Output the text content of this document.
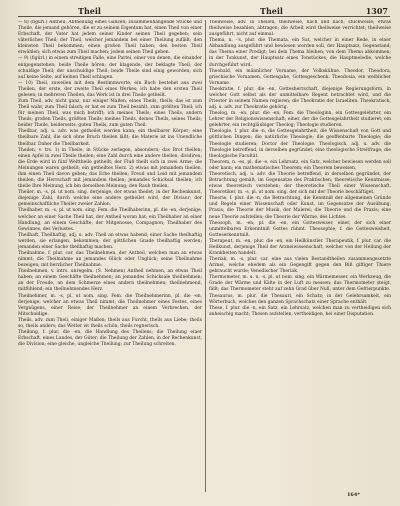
Theil	Theil	1307

— 8) (figürl.) Antheil, Abtheilung eines Ganzen; zusammenhängende Stücke und Theile, die jemand gehören, die er zu seinem Eigentum hat, einen Theil von einer Erbschaft, der Vater hat jedem seiner Kinder seinen Theil gegeben; sein väterliches Theil; der Theil, welcher jemandem bei einer Theilung zufällt; den kleinsten Theil bekommen; einen großen Theil haben; den besten Theil erwählen; sich etwas zum Theil machen; jedem seinen Theil geben.

— 9) (figürl.) in einem streitigen Falle, eine Partei, einer von denen, die einander entgegenstehen; beide Theile hören; der klagende, der beklagte Theil; der schuldige Theil; der unschuldige Theil; beide Theile sind einig geworden; sich auf keine Seite, auf keinen Theil schlagen.

— 10) Theil, zuweilen mit dem Bestimmworte, ein Buch bestehet aus zwei Theilen, der erste, der zweite Theil eines Werkes; ich habe den ersten Theil gelesen; in mehreren Theilen, das Werk ist in drei Theile getheilt.

Zum Theil, adv. nicht ganz, nur einiger Maßen, eines Theils, theils; das ist zum Theil wahr, zum Theil falsch; er hat es zum Theil bezahlt, zum größten Theil; ich für meinen Theil, was mich betrifft; ich meines Theils; eines Theils, andern Theils; großen Theils, größten Theils; meines Theils, deines Theils, seines Theils; beider Theile, beiderseits; guten Theils, zum guten Theil.

Theilbar, adj. u. adv. was getheilet werden kann; ein theilbarer Körper; eine theilbare Zahl, die sich ohne Bruch theilen läßt; die Materie ist ins Unendliche theilbar. Daher die Theilbarkeit.

Theilen, v. trs. 1) in Theile, in Stücke zerlegen, absondern; das Brot theilen; einen Apfel in zwei Theile theilen; eine Zahl durch eine andere theilen, dividiren; die Erde wird in fünf Welttheile getheilt; der Fluß theilt sich in zwei Arme; die Meinungen waren getheilt; ein getheiltes Herz. 2) etwas mit jemandem theilen, ihm einen Theil davon geben; das Erbe theilen; Freud und Leid mit jemandem theilen; die Herrschaft mit jemandem theilen; jemandes Schicksal theilen; ich theile Ihre Meinung, ich bin derselben Meinung; den Raub theilen.

Theiler, m. -s, pl. ut nom. sing. derjenige, der etwas theilet; in der Rechenkunst, diejenige Zahl, durch welche eine andere getheilet wird, der Divisor; der gemeinschaftliche Theiler zweier Zahlen.

Theilhaber, m. -s, pl. ut nom. sing. Fem. die Theilhaberinn, pl. die -en, derjenige, welcher an einer Sache Theil hat, der Antheil woran hat; ein Theilhaber an einer Handlung, an einem Geschäfte, der Mitgenosse, Compagnon; Theilhaber des Gewinnes, des Verlustes.

Theilhaft, Theilhaftig, adj. u. adv. Theil an etwas habend; einer Sache theilhaftig werden, sie erlangen, bekommen; der göttlichen Gnade theilhaftig werden; jemanden einer Sache theilhaftig machen.

Theilnahme, f. plur. car. das Theilnehmen, der Antheil, welchen man an etwas nimmt; die Theilnahme an jemandes Glück oder Unglück; seine Theilnahme bezeigen; mit herzlicher Theilnahme.

Theilnehmen, v. intrs. unregelm. (S. Nehmen) Antheil nehmen, an etwas Theil haben; an einem Geschäfte theilnehmen; an jemandes Schicksale theilnehmen; an der Freude, an dem Schmerze eines andern theilnehmen; theilnehmend, mitfühlend; ein theilnehmendes Herz.

Theilnehmer, m. -s, pl. ut nom. sing. Fem. die Theilnehmerinn, pl. die -en, derjenige, welcher an etwas Theil nimmt; die Theilnehmer eines Festes, eines Vergnügens, einer Reise; der Theilnehmer an einem Verbrechen, der Mitschuldige.

Theils, adv. zum Theil, einiger Maßen; theils aus Furcht, theils aus Liebe; theils so, theils anders; das Wetter ist theils schön, theils regnerisch.

Theilung, f. plur. die -en, die Handlung des Theilens; die Theilung einer Erbschaft, eines Landes, der Güter; die Theilung der Zahlen, in der Rechenkunst, die Division; eine gleiche, ungleiche Theilung; zur Theilung schreiten.

Theilweise, adv. in Theilen, theilweise, nach und nach, stückweise; etwas theilweise bezahlen, abtragen; die Arbeit wird theilweise verrichtet; theilweise ausgeführt, nicht auf einmal.

Thema, n. -'s, plur. die Themata, ein Sat, welcher in einer Rede, in einer Abhandlung ausgeführt und bewiesen werden soll, der Hauptsatz, Gegenstand; das Thema einer Predigt; bei dem Thema bleiben; von dem Thema abkommen; in der Tonkunst, der Hauptsatz eines Tonstückes, die Hauptmelodie, welche durchgeführt wird.

Theobald, ein männlicher Vorname, der Volkskühne. Theodor, Theodora, griechische Vornamen, Gottesgabe, Gottesgeschenk. Theodosia, ein weiblicher Vorname.

Theokratie, f. plur. die -en, Gottesherrschaft, diejenige Regierungsform, in welcher Gott selbst als der unmittelbare Regent betrachtet wird, und die Priester in seinem Namen regieren; die Theokratie der Israeliten. Theokratisch, adj. u. adv. zur Theokratie gehörig.

Theolog, m. -en, plur. die -en, Fem. die Theologinn, ein Gottesgelehrter, ein Lehrer der Religionswissenschaft; einer, der die Gottesgelahrtheit studieret; ein gelehrter, ein rechtgläubiger Theolog; Theologie studieren.

Theologie, f. plur. die -n, die Gottesgelahrtheit, die Wissenschaft von Gott und göttlichen Dingen; die natürliche Theologie; die geoffenbarte Theologie; die Theologie studieren; Doctor der Theologie. Theologisch, adj. u. adv. die Theologie betreffend, in derselben gegründet; eine theologische Streitfrage; die theologische Facultät.

Theorem, n. -es, pl. die -e, ein Lehrsatz, ein Satz, welcher bewiesen werden soll oder kann; ein mathematisches Theorem; ein Theorem beweisen.

Theoretisch, adj. u. adv. die Theorie betreffend, in derselben gegründet, der Betrachtung gemäß, im Gegensatze des Praktischen; theoretische Kenntnisse; etwas theoretisch verstehen; der theoretische Theil einer Wissenschaft. Theoretiker, m. -s, pl. ut nom. sing. der sich mit der Theorie beschäftiget.

Theorie, f. plur. die -n, die Betrachtung, die Kenntniß der allgemeinen Gründe und Regeln einer Wissenschaft oder Kunst, im Gegensatze der Ausübung, Praxis; die Theorie der Musik, der Malerei; die Theorie und die Praxis; eine neue Theorie aufstellen; die Theorie der Wärme, des Lichtes.

Theosoph, m. -en, pl. die -en, ein Gottesweiser, einer, der sich einer unmittelbaren Erkenntniß Gottes rühmt. Theosophie, f. die Gottesweisheit, Gotteserkenntniß.

Therapeut, m. -en, plur. die -en, ein Heilkünstler. Therapeutik, f. plur. car. die Heilkunst, derjenige Theil der Arzneiwissenschaft, welcher von der Heilung der Krankheiten handelt.

Theriak, m. -s, plur. car. eine aus vielen Bestandtheilen zusammengesetzte Arznei, welche ehedem als ein Gegengift gegen den Biß giftiger Thiere gebraucht wurde; Venedischer Theriak.

Thermometer, m. u. n. -s, pl. ut nom. sing. ein Wärmemesser, ein Werkzeug, die Grade der Wärme und Kälte in der Luft zu messen; das Thermometer steigt, fällt; das Thermometer steht auf zehn Grad über Null, unter dem Gefrierpunkte.

Thesaurus, m. plur. die Thesauri, ein Schatz; in der Gelehrsamkeit, ein Wörterbuch, welches den ganzen Sprachschatz einer Sprache enthält.

These, f. plur. die -n, ein Satz, ein Lehrsatz, welchen man zu vertheidigen sich anheischig macht; Thesen aufstellen, vertheidigen, bei einer Disputation.

164*
